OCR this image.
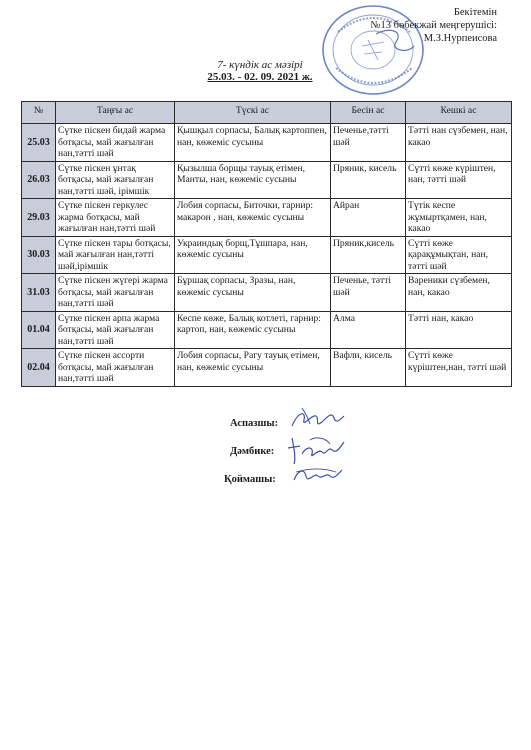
Бекітемін
№13 бөбекжай меңгерушісі:
М.З.Нурпеисова
7- күндік ас мәзірі
25.03. - 02. 09. 2021 ж.
№	Таңғы ас	Түскі ас	Бесін ас	Кешкі ас
25.03	Сүтке піскен бидай жарма ботқасы, май жағылған нан,тәтті шәй	Қышқыл сорпасы, Балық картоппен, нан, көжеміс сусыны	Печенье,тәтті шәй	Тәтті нан сүзбемен, нан, какао
26.03	Сүтке піскен ұнтақ ботқасы, май жағылған нан,тәтті шәй, ірімшік	Қызылша борщы тауық етімен, Манты, нан, көжеміс сусыны	Пряник, кисель	Сүтті көже күріштен, нан, тәтті шәй
29.03	Сүтке піскен геркулес жарма ботқасы, май жағылған нан,тәтті шәй	Лобия сорпасы, Биточки, гарнир: макарон , нан, көжеміс сусыны	Айран	Түтік кеспе жұмыртқамен, нан, какао
30.03	Сүтке піскен тары ботқасы, май жағылған нан,тәтті шәй,ірімшік	Украиндық борщ,Тұшпара, нан, көжеміс сусыны	Пряник,кисель	Сүтті көже қарақұмықтан, нан, тәтті шәй
31.03	Сүтке піскен жүгері жарма ботқасы, май жағылған нан,тәтті шәй	Бұршақ сорпасы, Зразы, нан, көжеміс сусыны	Печенье, тәтті шәй	Вареники сүзбемен, нан, какао
01.04	Сүтке піскен арпа жарма ботқасы, май жағылған нан,тәтті шәй	Кеспе көже, Балық котлеті, гарнир: картоп, нан, көжеміс сусыны	Алма	Тәтті нан, какао
02.04	Сүтке піскен ассорти ботқасы, май жағылған нан,тәтті шәй	Лобия сорпасы, Рагу тауық етімен, нан, көжеміс сусыны	Вафли, кисель	Сүтті көже күріштен,нан, тәтті шәй
Аспазшы:
Дәмбике:
Қоймашы:
